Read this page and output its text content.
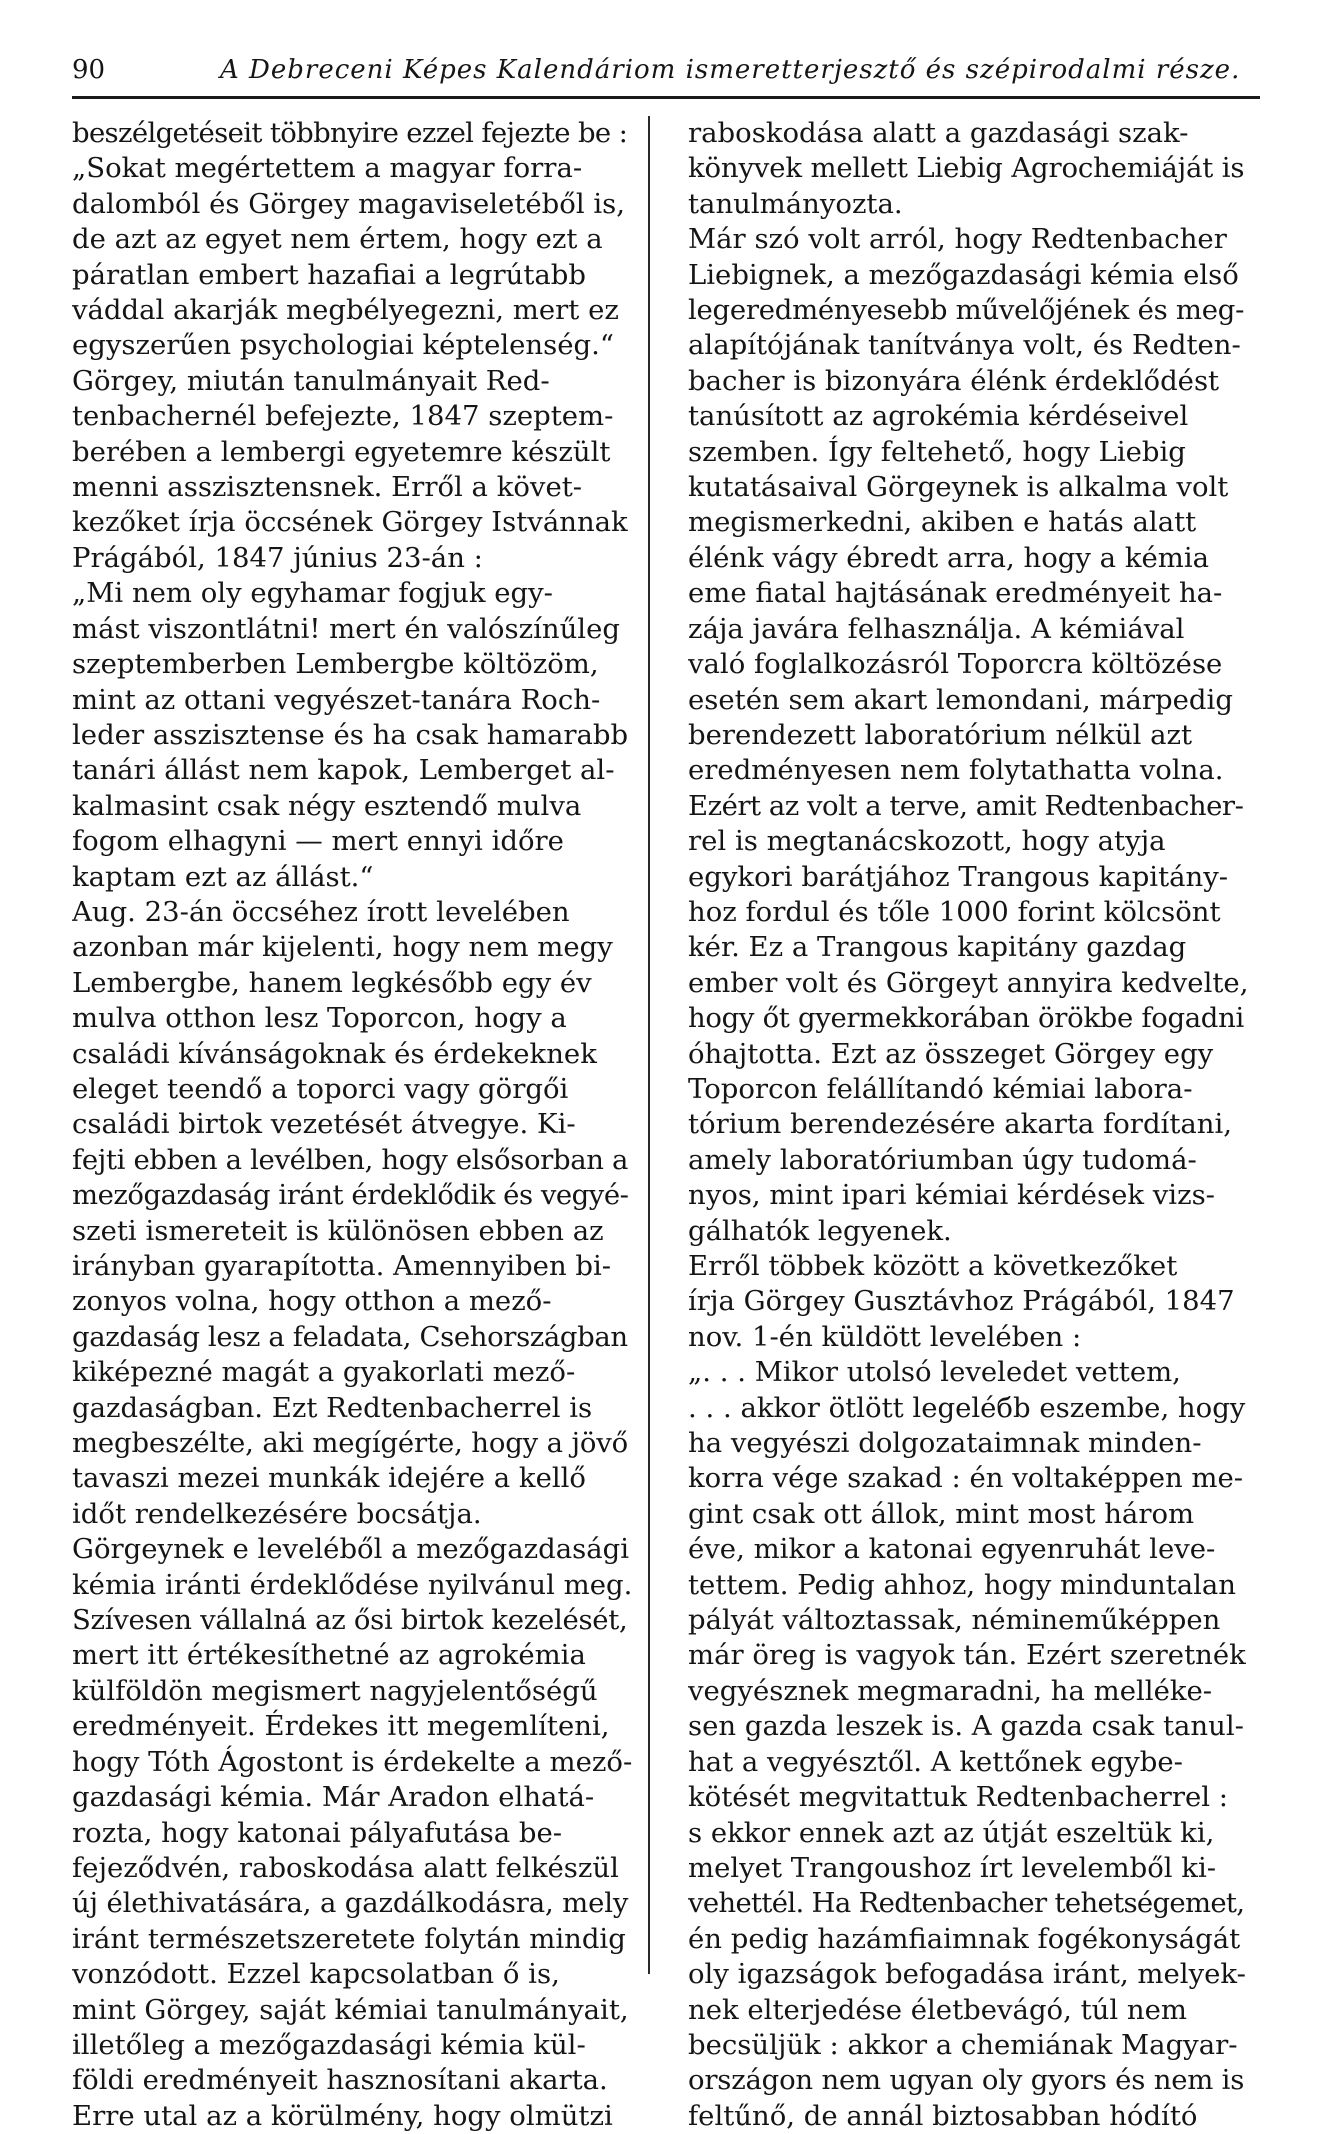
90	A Debreceni Képes Kalendáriom ismeretterjesztő és szépirodalmi része.
beszélgetéseit többnyire ezzel fejezte be :
„Sokat megértettem a magyar forra-
dalomból és Görgey magaviseletéből is,
de azt az egyet nem értem, hogy ezt a
páratlan embert hazafiai a legrútabb
váddal akarják megbélyegezni, mert ez
egyszerűen psychologiai képtelenség.“
Görgey, miután tanulmányait Red-
tenbachernél befejezte, 1847 szeptem-
berében a lembergi egyetemre készült
menni asszisztensnek. Erről a követ-
kezőket írja öccsének Görgey Istvánnak
Prágából, 1847 június 23-án :
„Mi nem oly egyhamar fogjuk egy-
mást viszontlátni! mert én valószínűleg
szeptemberben Lembergbe költözöm,
mint az ottani vegyészet-tanára Roch-
leder asszisztense és ha csak hamarabb
tanári állást nem kapok, Lemberget al-
kalmasint csak négy esztendő mulva
fogom elhagyni — mert ennyi időre
kaptam ezt az állást.“
Aug. 23-án öccséhez írott levelében
azonban már kijelenti, hogy nem megy
Lembergbe, hanem legkésőbb egy év
mulva otthon lesz Toporcon, hogy a
családi kívánságoknak és érdekeknek
eleget teendő a toporci vagy görgői
családi birtok vezetését átvegye. Ki-
fejti ebben a levélben, hogy elsősorban a
mezőgazdaság iránt érdeklődik és vegyé-
szeti ismereteit is különösen ebben az
irányban gyarapította. Amennyiben bi-
zonyos volna, hogy otthon a mező-
gazdaság lesz a feladata, Csehországban
kiképezné magát a gyakorlati mező-
gazdaságban. Ezt Redtenbacherrel is
megbeszélte, aki megígérte, hogy a jövő
tavaszi mezei munkák idejére a kellő
időt rendelkezésére bocsátja.
Görgeynek e leveléből a mezőgazdasági
kémia iránti érdeklődése nyilvánul meg.
Szívesen vállalná az ősi birtok kezelését,
mert itt értékesíthetné az agrokémia
külföldön megismert nagyjelentőségű
eredményeit. Érdekes itt megemlíteni,
hogy Tóth Ágostont is érdekelte a mező-
gazdasági kémia. Már Aradon elhatá-
rozta, hogy katonai pályafutása be-
fejeződvén, raboskodása alatt felkészül
új élethivatására, a gazdálkodásra, mely
iránt természetszeretete folytán mindig
vonzódott. Ezzel kapcsolatban ő is,
mint Görgey, saját kémiai tanulmányait,
illetőleg a mezőgazdasági kémia kül-
földi eredményeit hasznosítani akarta.
Erre utal az a körülmény, hogy olmützi
raboskodása alatt a gazdasági szak-
könyvek mellett Liebig Agrochemiáját is
tanulmányozta.
Már szó volt arról, hogy Redtenbacher
Liebignek, a mezőgazdasági kémia első
legeredményesebb művelőjének és meg-
alapítójának tanítványa volt, és Redten-
bacher is bizonyára élénk érdeklődést
tanúsított az agrokémia kérdéseivel
szemben. Így feltehető, hogy Liebig
kutatásaival Görgeynek is alkalma volt
megismerkedni, akiben e hatás alatt
élénk vágy ébredt arra, hogy a kémia
eme fiatal hajtásának eredményeit ha-
zája javára felhasználja. A kémiával
való foglalkozásról Toporcra költözése
esetén sem akart lemondani, márpedig
berendezett laboratórium nélkül azt
eredményesen nem folytathatta volna.
Ezért az volt a terve, amit Redtenbacher-
rel is megtanácskozott, hogy atyja
egykori barátjához Trangous kapitány-
hoz fordul és tőle 1000 forint kölcsönt
kér. Ez a Trangous kapitány gazdag
ember volt és Görgeyt annyira kedvelte,
hogy őt gyermekkorában örökbe fogadni
óhajtotta. Ezt az összeget Görgey egy
Toporcon felállítandó kémiai labora-
tórium berendezésére akarta fordítani,
amely laboratóriumban úgy tudomá-
nyos, mint ipari kémiai kérdések vizs-
gálhatók legyenek.
Erről többek között a következőket
írja Görgey Gusztávhoz Prágából, 1847
nov. 1-én küldött levelében :
„. . . Mikor utolsó leveledet vettem,
. . . akkor ötlött legeléбb eszembe, hogy
ha vegyészi dolgozataimnak minden-
korra vége szakad : én voltaképpen me-
gint csak ott állok, mint most három
éve, mikor a katonai egyenruhát leve-
tettem. Pedig ahhoz, hogy minduntalan
pályát változtassak, némineműképpen
már öreg is vagyok tán. Ezért szeretnék
vegyésznek megmaradni, ha melléke-
sen gazda leszek is. A gazda csak tanul-
hat a vegyésztől. A kettőnek egybe-
kötését megvitattuk Redtenbacherrel :
s ekkor ennek azt az útját eszeltük ki,
melyet Trangoushoz írt levelemből ki-
vehettél. Ha Redtenbacher tehetségemet,
én pedig hazámfiaimnak fogékonyságát
oly igazságok befogadása iránt, melyek-
nek elterjedése életbevágó, túl nem
becsüljük : akkor a chemiának Magyar-
országon nem ugyan oly gyors és nem is
feltűnő, de annál biztosabban hódító
